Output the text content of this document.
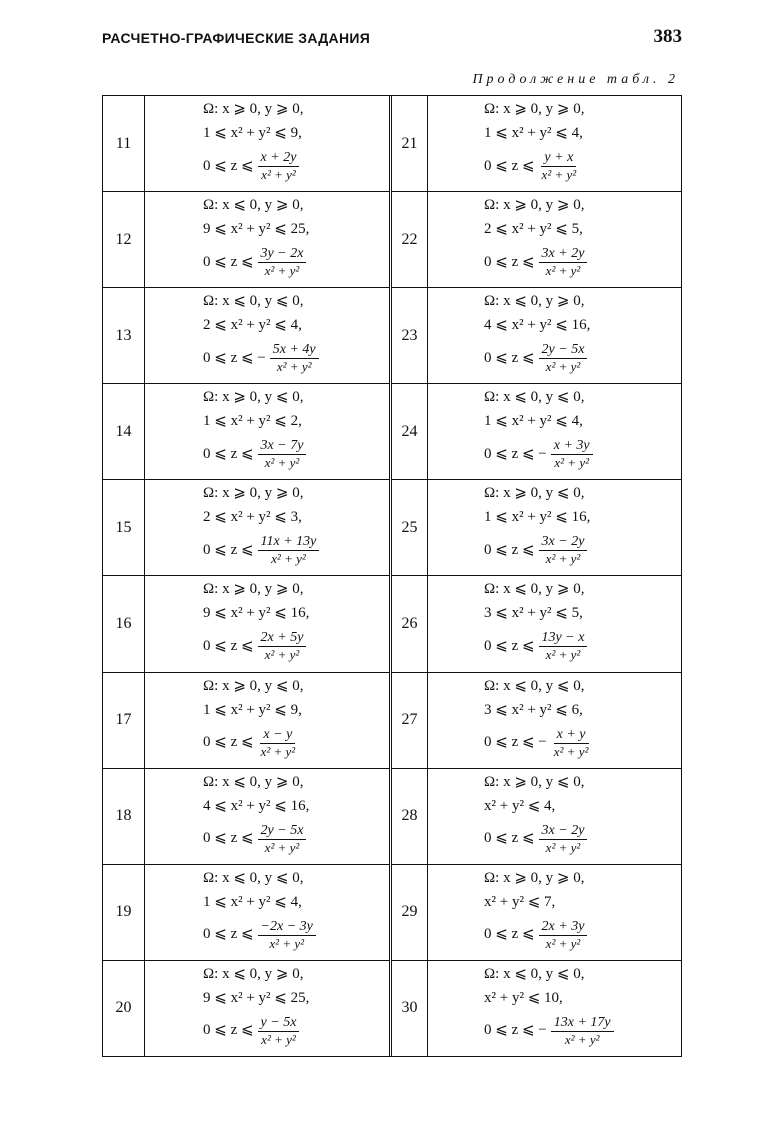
РАСЧЕТНО-ГРАФИЧЕСКИЕ ЗАДАНИЯ	383
Продолжение табл. 2
11
Ω: x ⩾ 0, y ⩾ 0,
1 ⩽ x² + y² ⩽ 9,
0 ⩽ z ⩽ $\frac{x + 2y}{\text{x² + y²}}$
12
Ω: x ⩽ 0, y ⩾ 0,
9 ⩽ x² + y² ⩽ 25,
0 ⩽ z ⩽ $\frac{3y - 2x}{\text{x² + y²}}$
13
Ω: x ⩽ 0, y ⩽ 0,
2 ⩽ x² + y² ⩽ 4,
0 ⩽ z ⩽ − $\frac{5x + 4y}{\text{x² + y²}}$
14
Ω: x ⩾ 0, y ⩽ 0,
1 ⩽ x² + y² ⩽ 2,
0 ⩽ z ⩽ $\frac{3x - 7y}{\text{x² + y²}}$
15
Ω: x ⩾ 0, y ⩾ 0,
2 ⩽ x² + y² ⩽ 3,
0 ⩽ z ⩽ $\frac{11x + 13y}{\text{x² + y²}}$
16
Ω: x ⩾ 0, y ⩾ 0,
9 ⩽ x² + y² ⩽ 16,
0 ⩽ z ⩽ $\frac{2x + 5y}{\text{x² + y²}}$
17
Ω: x ⩾ 0, y ⩽ 0,
1 ⩽ x² + y² ⩽ 9,
0 ⩽ z ⩽ $\frac{x - y}{\text{x² + y²}}$
18
Ω: x ⩽ 0, y ⩾ 0,
4 ⩽ x² + y² ⩽ 16,
0 ⩽ z ⩽ $\frac{2y - 5x}{\text{x² + y²}}$
19
Ω: x ⩽ 0, y ⩽ 0,
1 ⩽ x² + y² ⩽ 4,
0 ⩽ z ⩽ $\frac{-2x - 3y}{\text{x² + y²}}$
20
Ω: x ⩽ 0, y ⩾ 0,
9 ⩽ x² + y² ⩽ 25,
0 ⩽ z ⩽ $\frac{y - 5x}{\text{x² + y²}}$
21
Ω: x ⩾ 0, y ⩾ 0,
1 ⩽ x² + y² ⩽ 4,
0 ⩽ z ⩽ $\frac{y + x}{\text{x² + y²}}$
22
Ω: x ⩾ 0, y ⩾ 0,
2 ⩽ x² + y² ⩽ 5,
0 ⩽ z ⩽ $\frac{3x + 2y}{\text{x² + y²}}$
23
Ω: x ⩽ 0, y ⩾ 0,
4 ⩽ x² + y² ⩽ 16,
0 ⩽ z ⩽ $\frac{2y - 5x}{\text{x² + y²}}$
24
Ω: x ⩽ 0, y ⩽ 0,
1 ⩽ x² + y² ⩽ 4,
0 ⩽ z ⩽ − $\frac{x + 3y}{\text{x² + y²}}$
25
Ω: x ⩾ 0, y ⩽ 0,
1 ⩽ x² + y² ⩽ 16,
0 ⩽ z ⩽ $\frac{3x - 2y}{\text{x² + y²}}$
26
Ω: x ⩽ 0, y ⩾ 0,
3 ⩽ x² + y² ⩽ 5,
0 ⩽ z ⩽ $\frac{13y - x}{\text{x² + y²}}$
27
Ω: x ⩽ 0, y ⩽ 0,
3 ⩽ x² + y² ⩽ 6,
0 ⩽ z ⩽ − $\frac{x + y}{\text{x² + y²}}$
28
Ω: x ⩾ 0, y ⩽ 0,
x² + y² ⩽ 4,
0 ⩽ z ⩽ $\frac{3x - 2y}{\text{x² + y²}}$
29
Ω: x ⩾ 0, y ⩾ 0,
x² + y² ⩽ 7,
0 ⩽ z ⩽ $\frac{2x + 3y}{\text{x² + y²}}$
30
Ω: x ⩽ 0, y ⩽ 0,
x² + y² ⩽ 10,
0 ⩽ z ⩽ − $\frac{13x + 17y}{\text{x² + y²}}$
